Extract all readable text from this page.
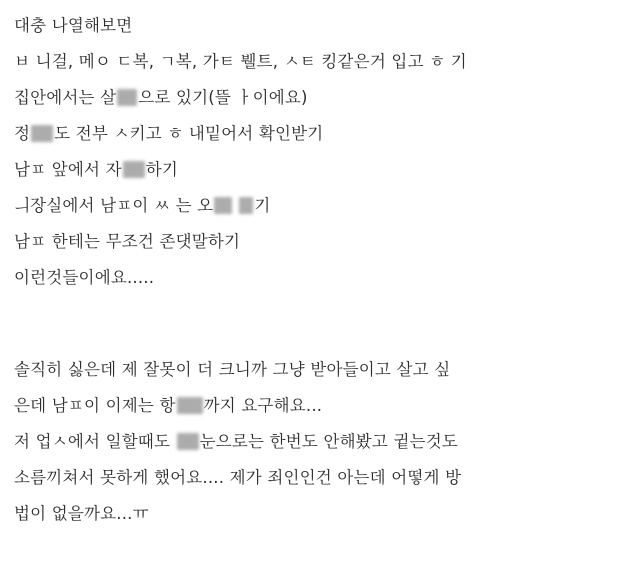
대충 나열해보면
ㅂ 니걸, 메ㅇ ㄷ복, ㄱ복, 가ㅌ 뷀트, ㅅㅌ 킹같은거 입고 ㅎ 기
집안에서는 살 으로 있기(뜰 ㅏ이에요)
정 도 전부 ㅅ키고 ㅎ 내밑어서 확인받기
남ㅍ 앞에서 자 하기
ㅢ장실에서 남ㅍ이 ㅆ 는 오 기
남ㅍ 한테는 무조건 존댓말하기
이런것들이에요.....
솔직히 싫은데 제 잘못이 더 크니까 그냥 받아들이고 살고 싶
은데 남ㅍ이 이제는 항 까지 요구해요...
저 업ㅅ에서 일할때도 눈으로는 한번도 안해봤고 귙는것도
소름끼쳐서 못하게 했어요.... 제가 죄인인건 아는데 어떻게 방
법이 없을까요...ㅠ
